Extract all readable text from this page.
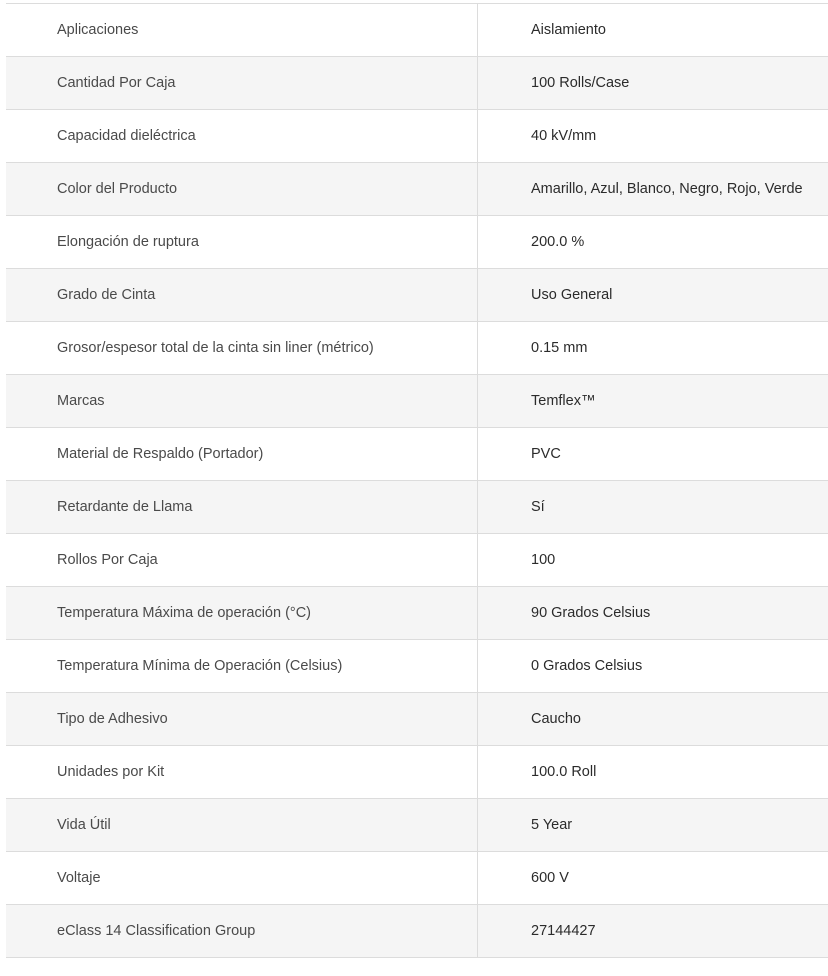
Aplicaciones	Aislamiento
Cantidad Por Caja	100 Rolls/Case
Capacidad dieléctrica	40 kV/mm
Color del Producto	Amarillo, Azul, Blanco, Negro, Rojo, Verde
Elongación de ruptura	200.0 %
Grado de Cinta	Uso General
Grosor/espesor total de la cinta sin liner (métrico)	0.15 mm
Marcas	Temflex™
Material de Respaldo (Portador)	PVC
Retardante de Llama	Sí
Rollos Por Caja	100
Temperatura Máxima de operación (°C)	90 Grados Celsius
Temperatura Mínima de Operación (Celsius)	0 Grados Celsius
Tipo de Adhesivo	Caucho
Unidades por Kit	100.0 Roll
Vida Útil	5 Year
Voltaje	600 V
eClass 14 Classification Group	27144427
